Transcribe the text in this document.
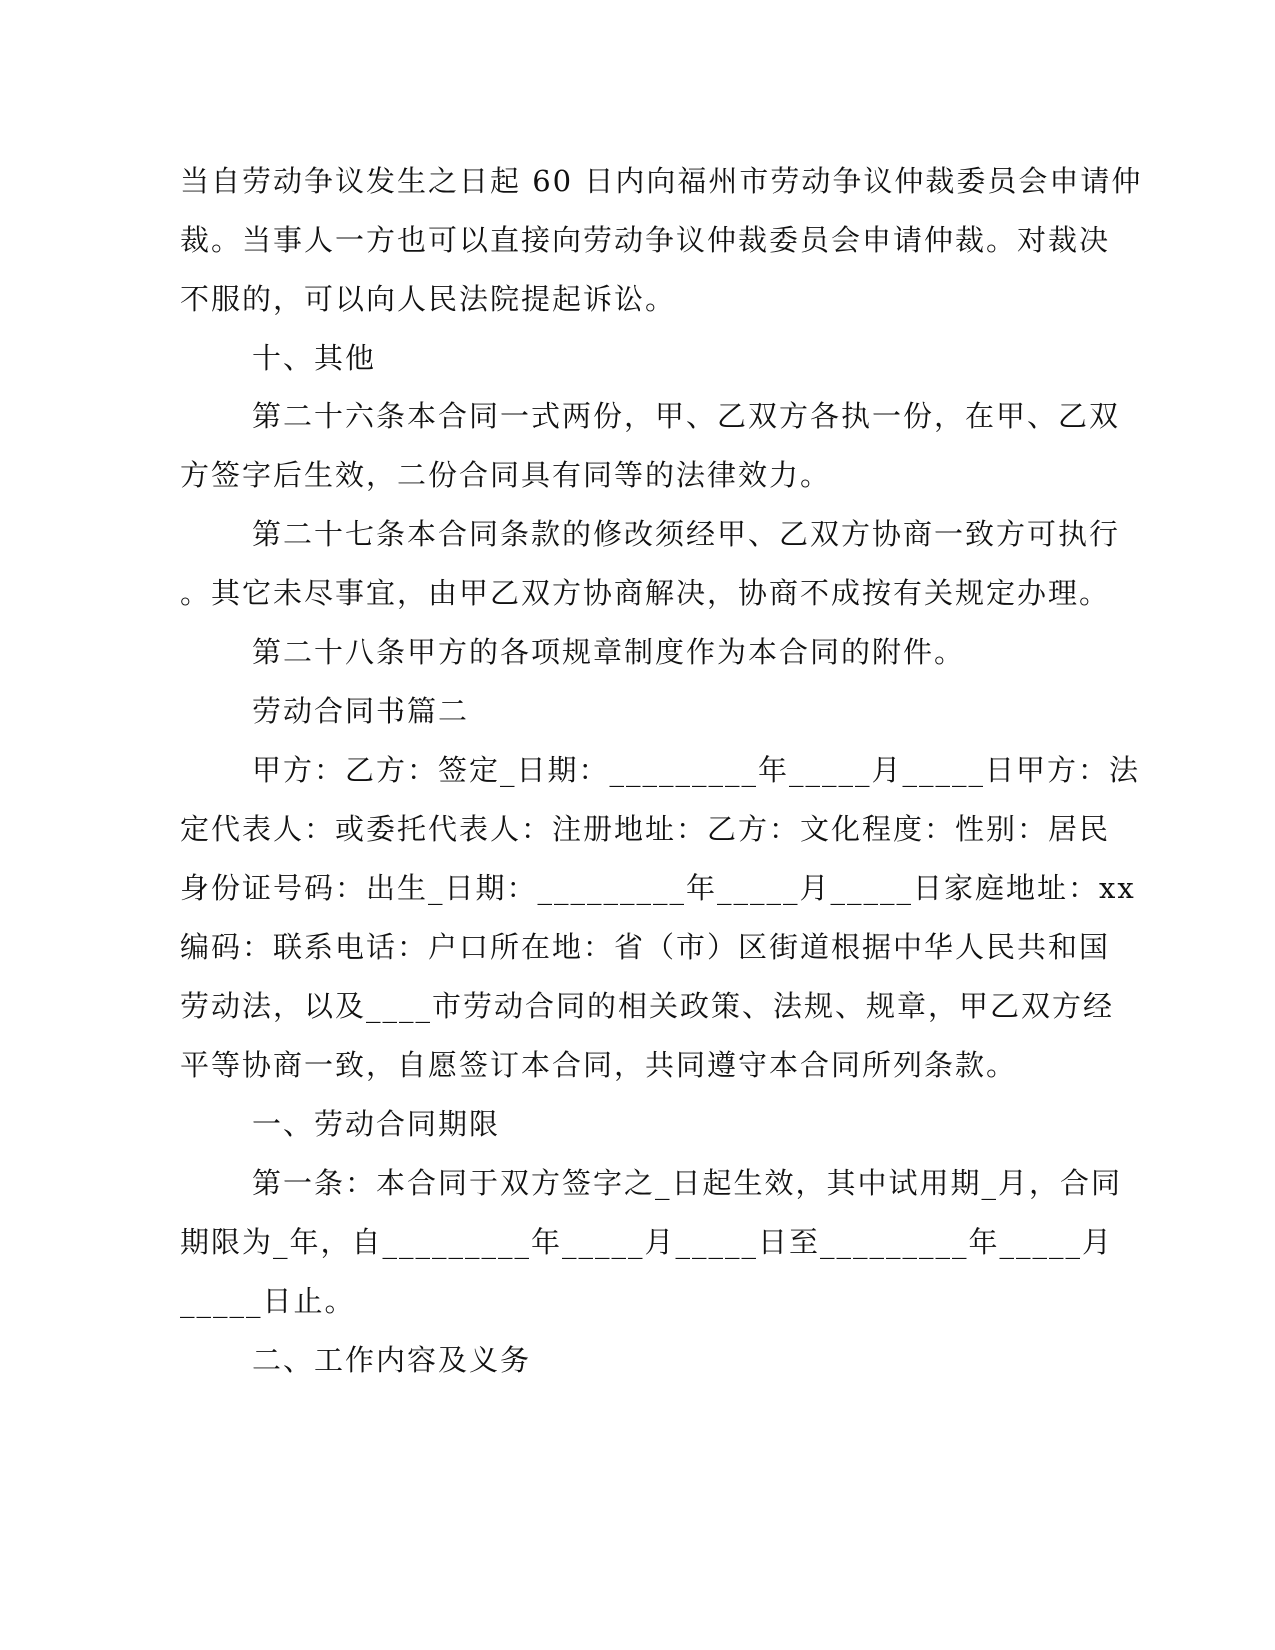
当自劳动争议发生之日起 60 日内向福州市劳动争议仲裁委员会申请仲
裁。当事人一方也可以直接向劳动争议仲裁委员会申请仲裁。对裁决
不服的，可以向人民法院提起诉讼。
十、其他
第二十六条本合同一式两份，甲、乙双方各执一份，在甲、乙双
方签字后生效，二份合同具有同等的法律效力。
第二十七条本合同条款的修改须经甲、乙双方协商一致方可执行
。其它未尽事宜，由甲乙双方协商解决，协商不成按有关规定办理。
第二十八条甲方的各项规章制度作为本合同的附件。
劳动合同书篇二
甲方：乙方：签定_日期：_________年_____月_____日甲方：法
定代表人：或委托代表人：注册地址：乙方：文化程度：性别：居民
身份证号码：出生_日期：_________年_____月_____日家庭地址：xx
编码：联系电话：户口所在地：省（市）区街道根据中华人民共和国
劳动法，以及____市劳动合同的相关政策、法规、规章，甲乙双方经
平等协商一致，自愿签订本合同，共同遵守本合同所列条款。
一、劳动合同期限
第一条：本合同于双方签字之_日起生效，其中试用期_月，合同
期限为_年，自_________年_____月_____日至_________年_____月
_____日止。
二、工作内容及义务
